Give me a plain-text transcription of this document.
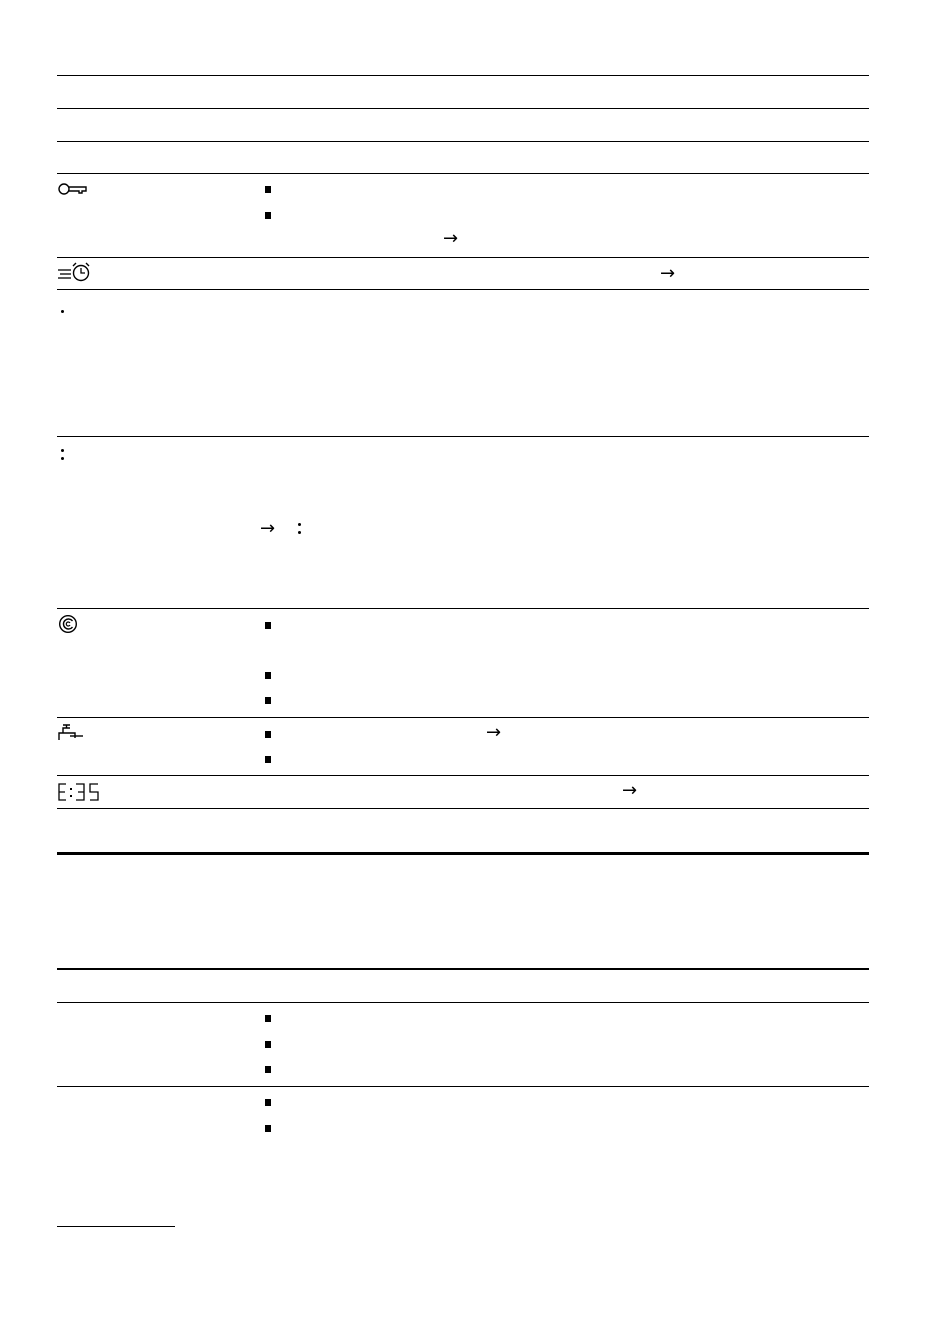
→
→
→
→
→
